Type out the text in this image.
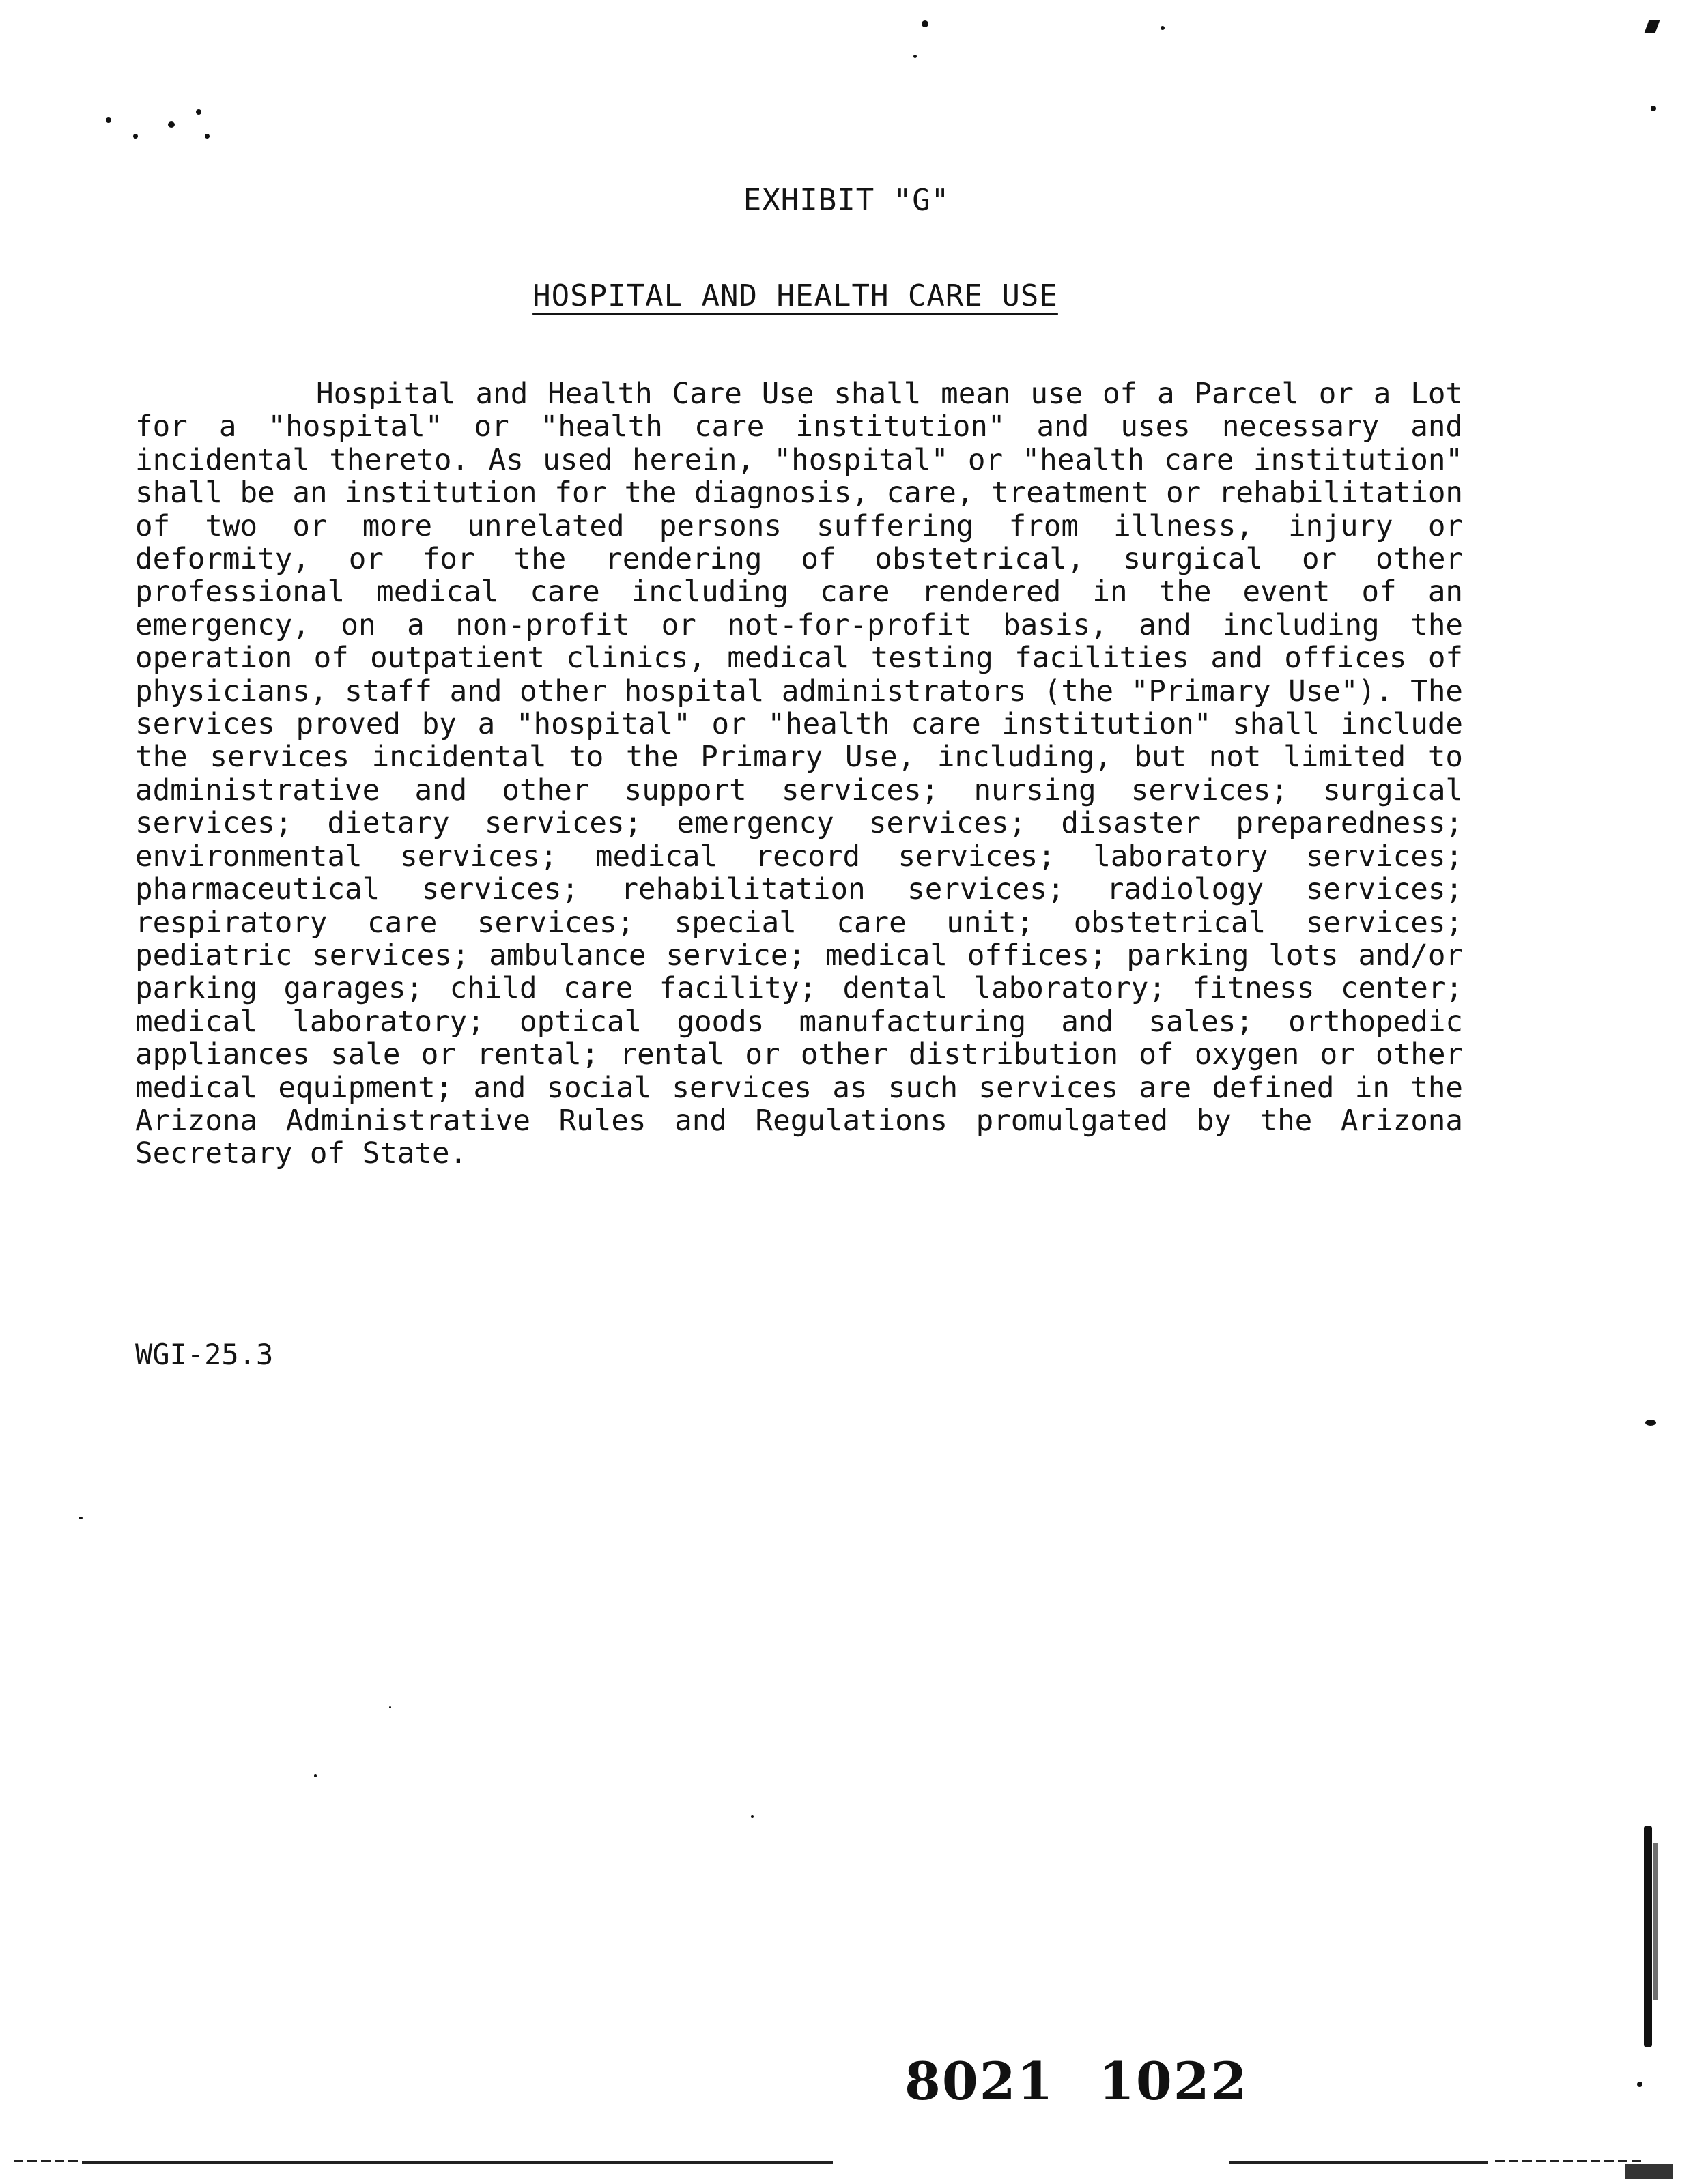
EXHIBIT "G"
HOSPITAL AND HEALTH CARE USE

Hospital and Health Care Use shall mean use of a Parcel or a Lot for a "hospital" or "health care institution" and uses necessary and incidental thereto. As used herein, "hospital" or "health care institution" shall be an institution for the diagnosis, care, treatment or rehabilitation of two or more unrelated persons suffering from illness, injury or deformity, or for the rendering of obstetrical, surgical or other professional medical care including care rendered in the event of an emergency, on a non-profit or not-for-profit basis, and including the operation of outpatient clinics, medical testing facilities and offices of physicians, staff and other hospital administrators (the "Primary Use"). The services proved by a "hospital" or "health care institution" shall include the services incidental to the Primary Use, including, but not limited to administrative and other support services; nursing services; surgical services; dietary services; emergency services; disaster preparedness; environmental services; medical record services; laboratory services; pharmaceutical services; rehabilitation services; radiology services; respiratory care services; special care unit; obstetrical services; pediatric services; ambulance service; medical offices; parking lots and/or parking garages; child care facility; dental laboratory; fitness center; medical laboratory; optical goods manufacturing and sales; orthopedic appliances sale or rental; rental or other distribution of oxygen or other medical equipment; and social services as such services are defined in the Arizona Administrative Rules and Regulations promulgated by the Arizona Secretary of State.

WGI-25.3
8021 1022
